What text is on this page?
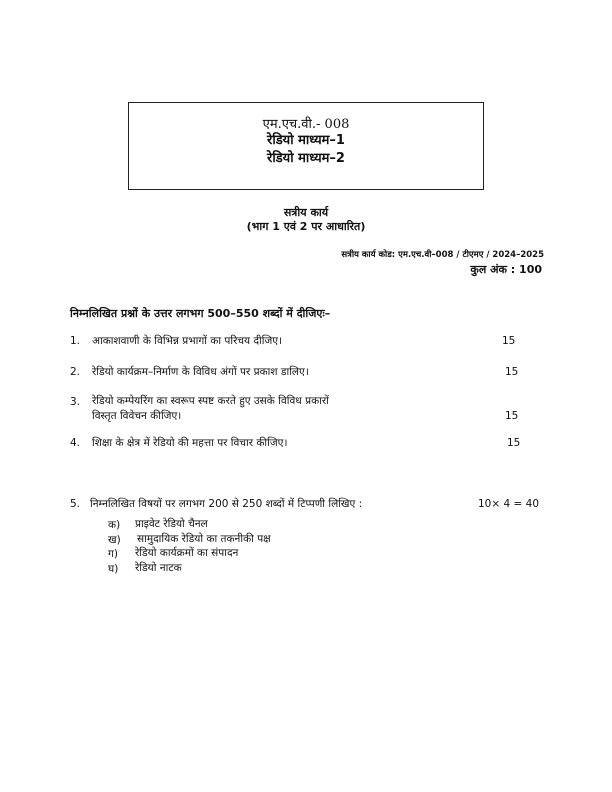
एम.एच.वी.- 008
रेडियो माध्यम–1
रेडियो माध्यम–2
सत्रीय कार्य
(भाग 1 एवं 2 पर आधारित)
सत्रीय कार्य कोड: एम.एच.वी–008 / टीएमए / 2024–2025
कुल अंक : 100
निम्नलिखित प्रश्नों के उत्तर लगभग 500–550 शब्दों में दीजिएः–
1. आकाशवाणी के विभिन्न प्रभागों का परिचय दीजिए।	15
2. रेडियो कार्यक्रम–निर्माण के विविध अंगों पर प्रकाश डालिए।	15
3. रेडियो कम्पेयरिंग का स्वरूप स्पष्ट करते हुए उसके विविध प्रकारों
विस्तृत विवेचन कीजिए।	15
4. शिक्षा के क्षेत्र में रेडियो की महत्ता पर विचार कीजिए।	15
5. निम्नलिखित विषयों पर लगभग 200 से 250 शब्दों में टिप्पणी लिखिए :	10× 4 = 40
क) प्राइवेट रेडियो चैनल
ख) सामुदायिक रेडियो का तकनीकी पक्ष
ग) रेडियो कार्यक्रमों का संपादन
घ) रेडियो नाटक
